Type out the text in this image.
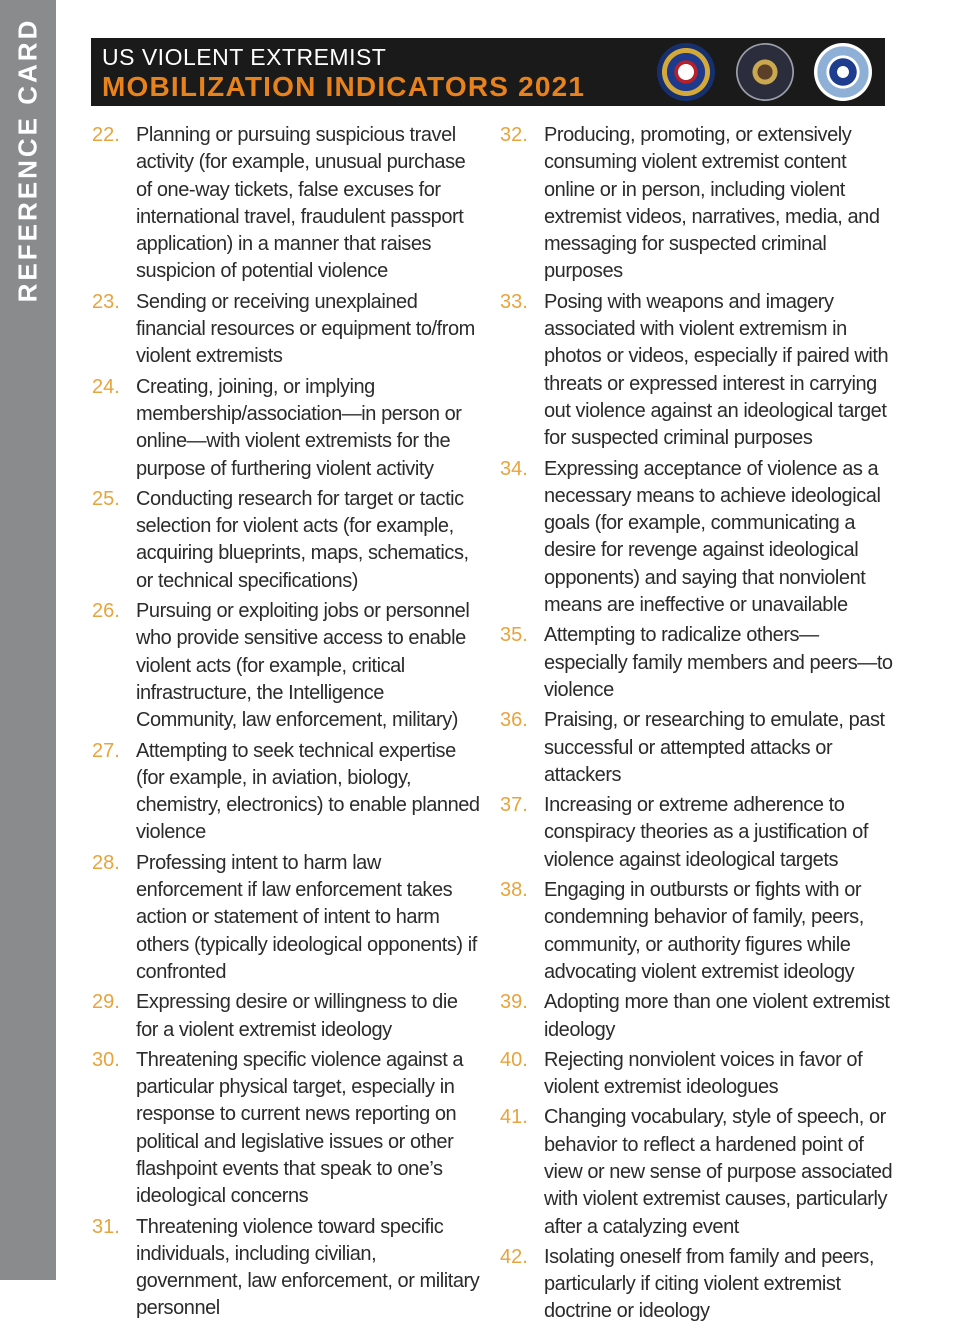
REFERENCE CARD	US VIOLENT EXTREMIST
MOBILIZATION INDICATORS 2021
22. Planning or pursuing suspicious travel activity (for example, unusual purchase of one-way tickets, false excuses for international travel, fraudulent passport application) in a manner that raises suspicion of potential violence
23. Sending or receiving unexplained financial resources or equipment to/from violent extremists
24. Creating, joining, or implying membership/association—in person or online—with violent extremists for the purpose of furthering violent activity
25. Conducting research for target or tactic selection for violent acts (for example, acquiring blueprints, maps, schematics, or technical specifications)
26. Pursuing or exploiting jobs or personnel who provide sensitive access to enable violent acts (for example, critical infrastructure, the Intelligence Community, law enforcement, military)
27. Attempting to seek technical expertise (for example, in aviation, biology, chemistry, electronics) to enable planned violence
28. Professing intent to harm law enforcement if law enforcement takes action or statement of intent to harm others (typically ideological opponents) if confronted
29. Expressing desire or willingness to die for a violent extremist ideology
30. Threatening specific violence against a particular physical target, especially in response to current news reporting on political and legislative issues or other flashpoint events that speak to one’s ideological concerns
31. Threatening violence toward specific individuals, including civilian, government, law enforcement, or military personnel
32. Producing, promoting, or extensively consuming violent extremist content online or in person, including violent extremist videos, narratives, media, and messaging for suspected criminal purposes
33. Posing with weapons and imagery associated with violent extremism in photos or videos, especially if paired with threats or expressed interest in carrying out violence against an ideological target for suspected criminal purposes
34. Expressing acceptance of violence as a necessary means to achieve ideological goals (for example, communicating a desire for revenge against ideological opponents) and saying that nonviolent means are ineffective or unavailable
35. Attempting to radicalize others—especially family members and peers—to violence
36. Praising, or researching to emulate, past successful or attempted attacks or attackers
37. Increasing or extreme adherence to conspiracy theories as a justification of violence against ideological targets
38. Engaging in outbursts or fights with or condemning behavior of family, peers, community, or authority figures while advocating violent extremist ideology
39. Adopting more than one violent extremist ideology
40. Rejecting nonviolent voices in favor of violent extremist ideologues
41. Changing vocabulary, style of speech, or behavior to reflect a hardened point of view or new sense of purpose associated with violent extremist causes, particularly after a catalyzing event
42. Isolating oneself from family and peers, particularly if citing violent extremist doctrine or ideology
